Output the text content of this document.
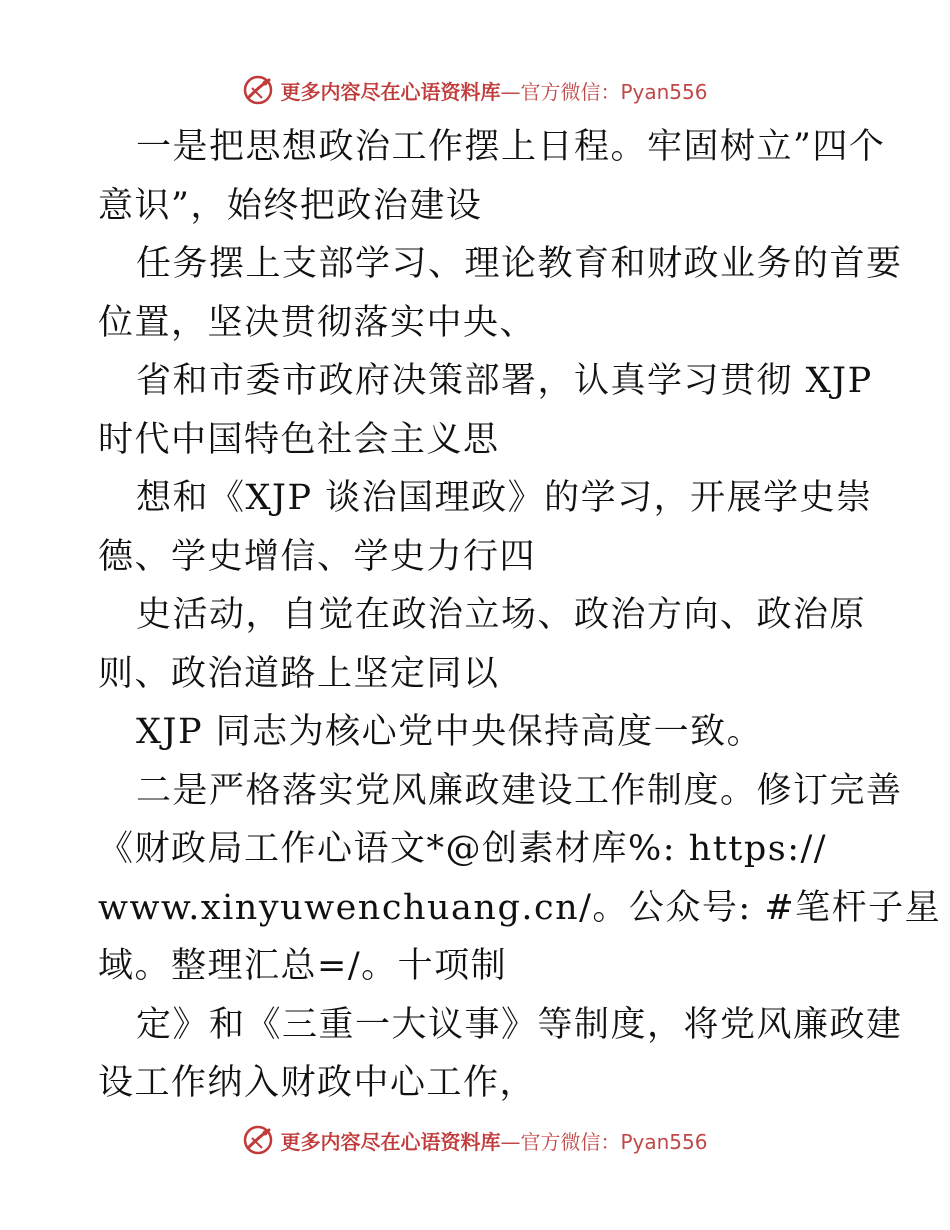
更多内容尽在心语资料库—官方微信：Pyan556
一是把思想政治工作摆上日程。牢固树立”四个
意识”，始终把政治建设
任务摆上支部学习、理论教育和财政业务的首要
位置，坚决贯彻落实中央、
省和市委市政府决策部署，认真学习贯彻 XJP
时代中国特色社会主义思
想和《XJP 谈治国理政》的学习，开展学史崇
德、学史增信、学史力行四
史活动，自觉在政治立场、政治方向、政治原
则、政治道路上坚定同以
XJP 同志为核心党中央保持高度一致。
二是严格落实党风廉政建设工作制度。修订完善
《财政局工作心语文*@创素材库%: https://
www.xinyuwenchuang.cn/。公众号: #笔杆子星
域。整理汇总=/。十项制
定》和《三重一大议事》等制度，将党风廉政建
设工作纳入财政中心工作，
更多内容尽在心语资料库—官方微信：Pyan556
